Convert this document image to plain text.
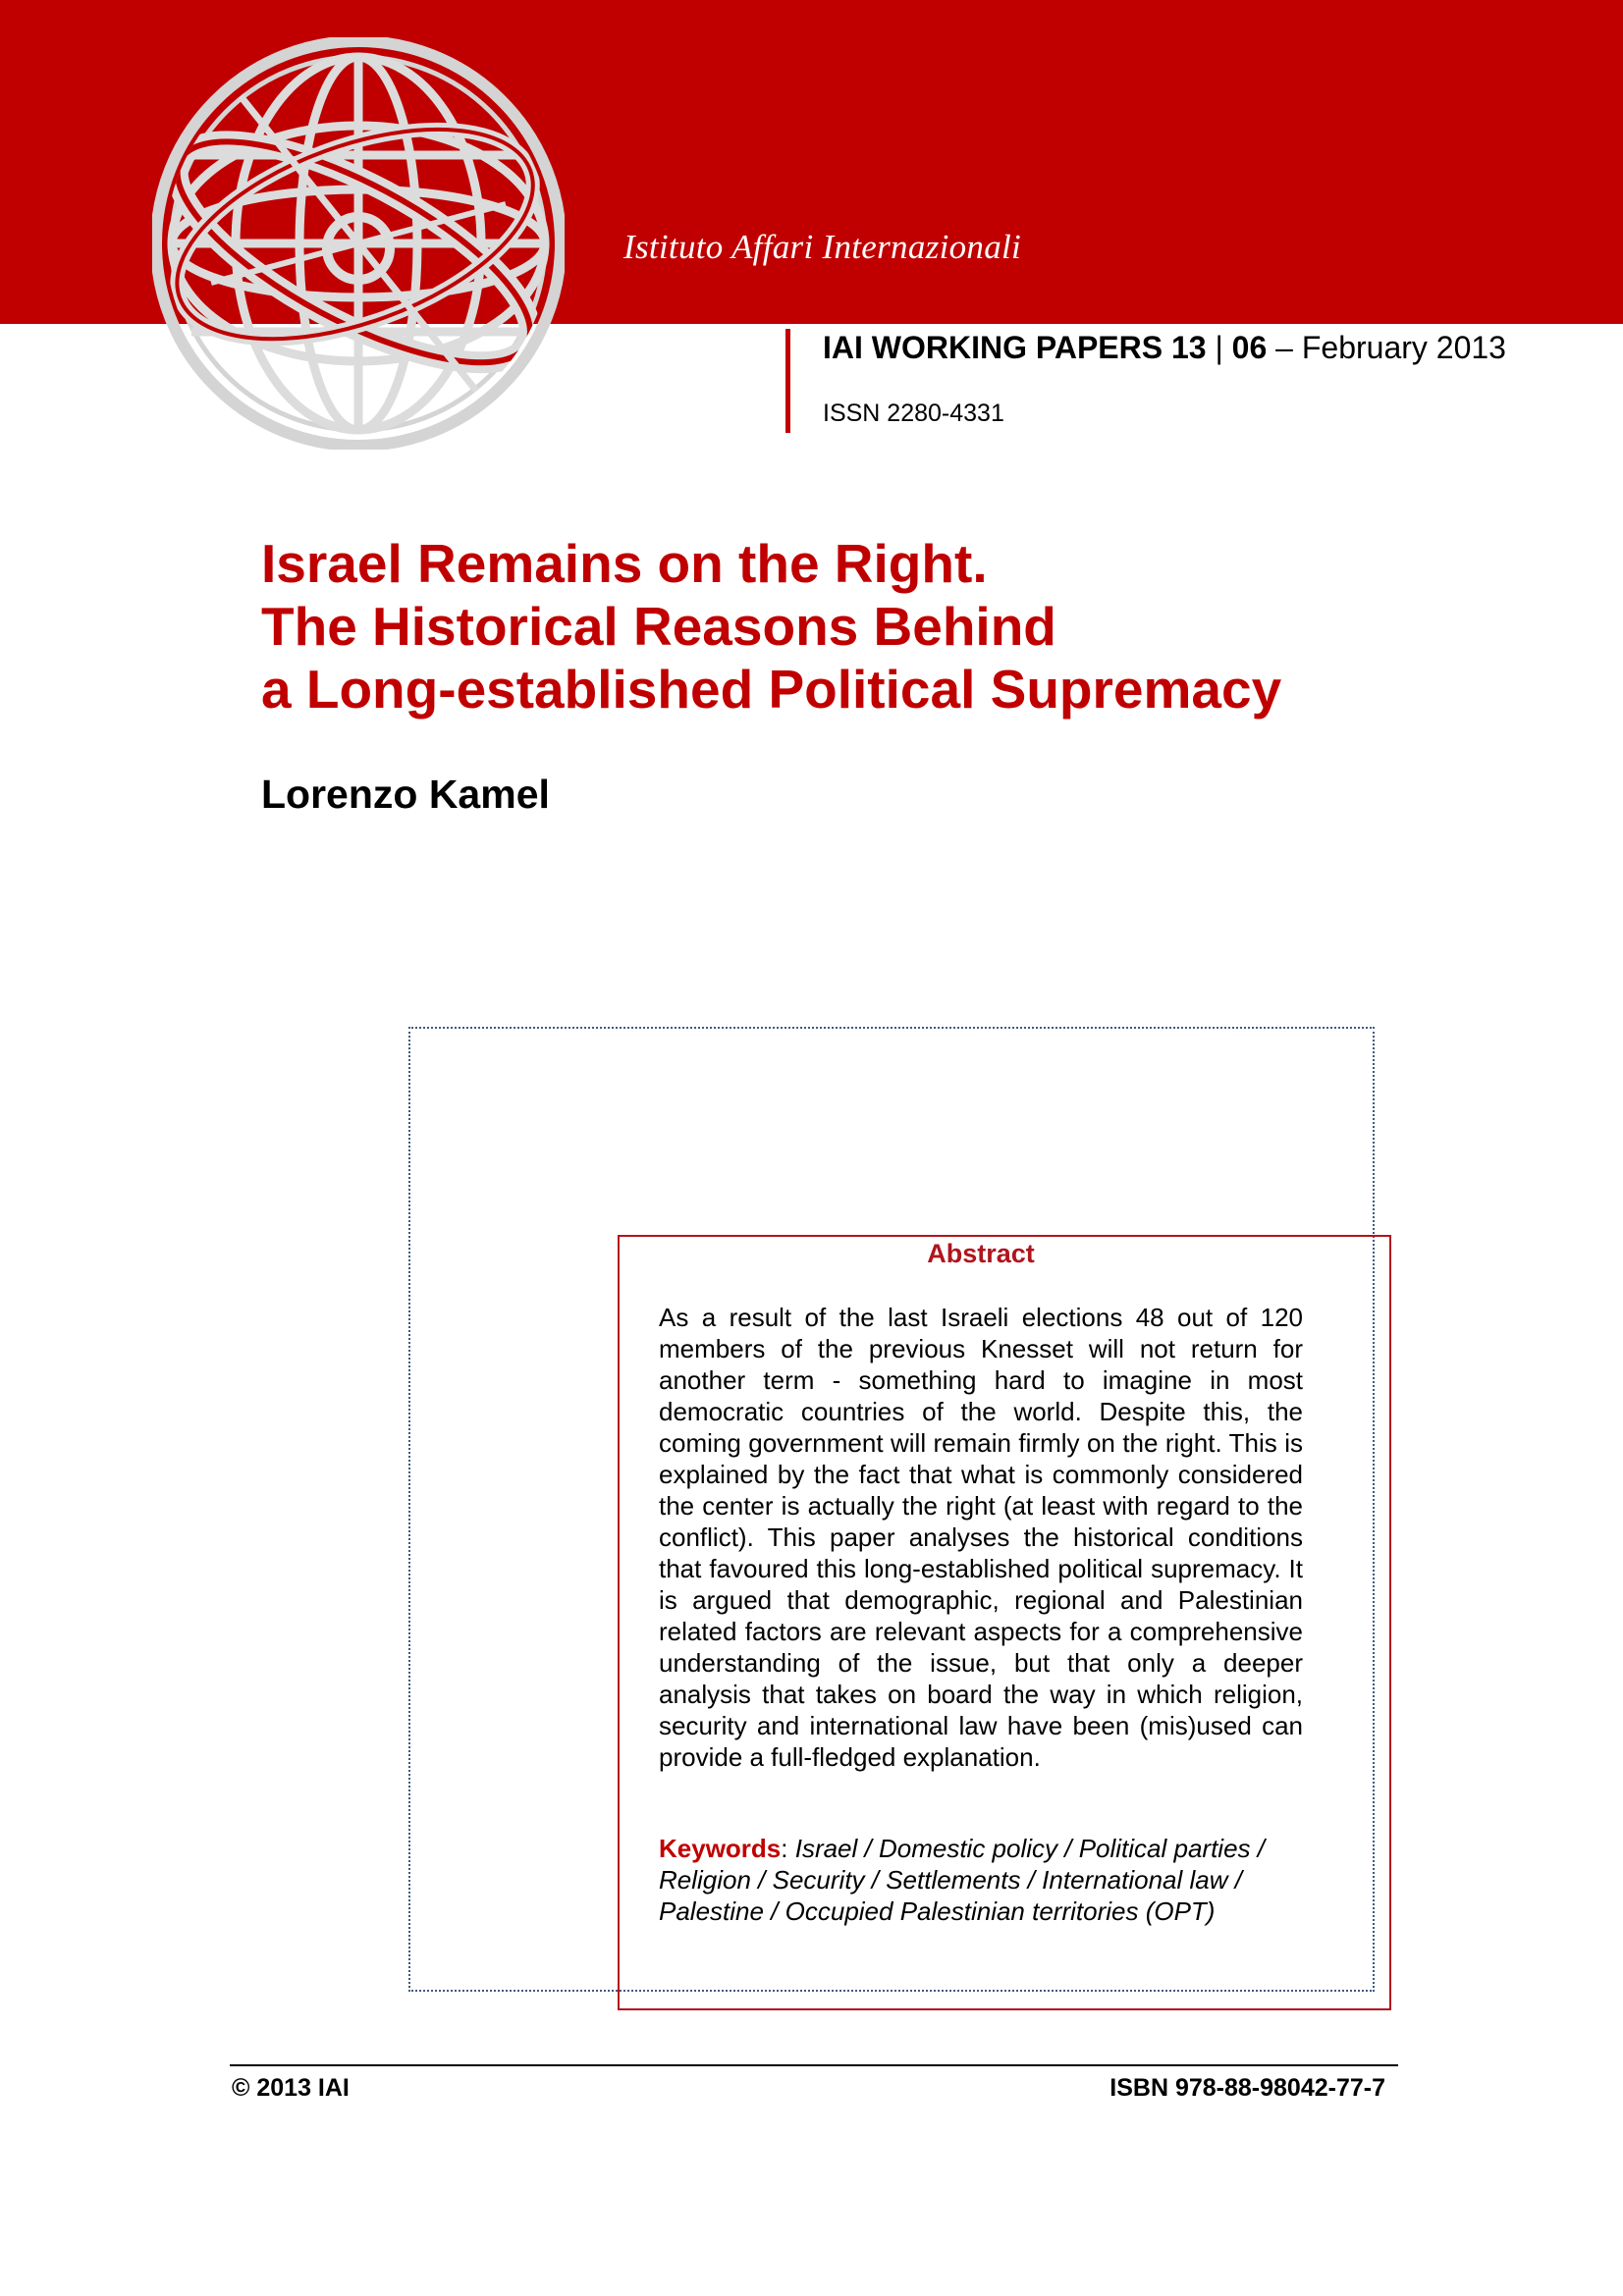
Istituto Affari Internazionali
IAI WORKING PAPERS 13 | 06 – February 2013
ISSN 2280-4331
Israel Remains on the Right.
The Historical Reasons Behind
a Long-established Political Supremacy
Lorenzo Kamel
Abstract

As a result of the last Israeli elections 48 out of 120 members of the previous Knesset will not return for another term - something hard to imagine in most democratic countries of the world. Despite this, the coming government will remain firmly on the right. This is explained by the fact that what is commonly considered the center is actually the right (at least with regard to the conflict). This paper analyses the historical conditions that favoured this long-established political supremacy. It is argued that demographic, regional and Palestinian related factors are relevant aspects for a comprehensive understanding of the issue, but that only a deeper analysis that takes on board the way in which religion, security and international law have been (mis)used can provide a full-fledged explanation.

Keywords: Israel / Domestic policy / Political parties / Religion / Security / Settlements / International law / Palestine / Occupied Palestinian territories (OPT)

© 2013 IAI	ISBN 978-88-98042-77-7
